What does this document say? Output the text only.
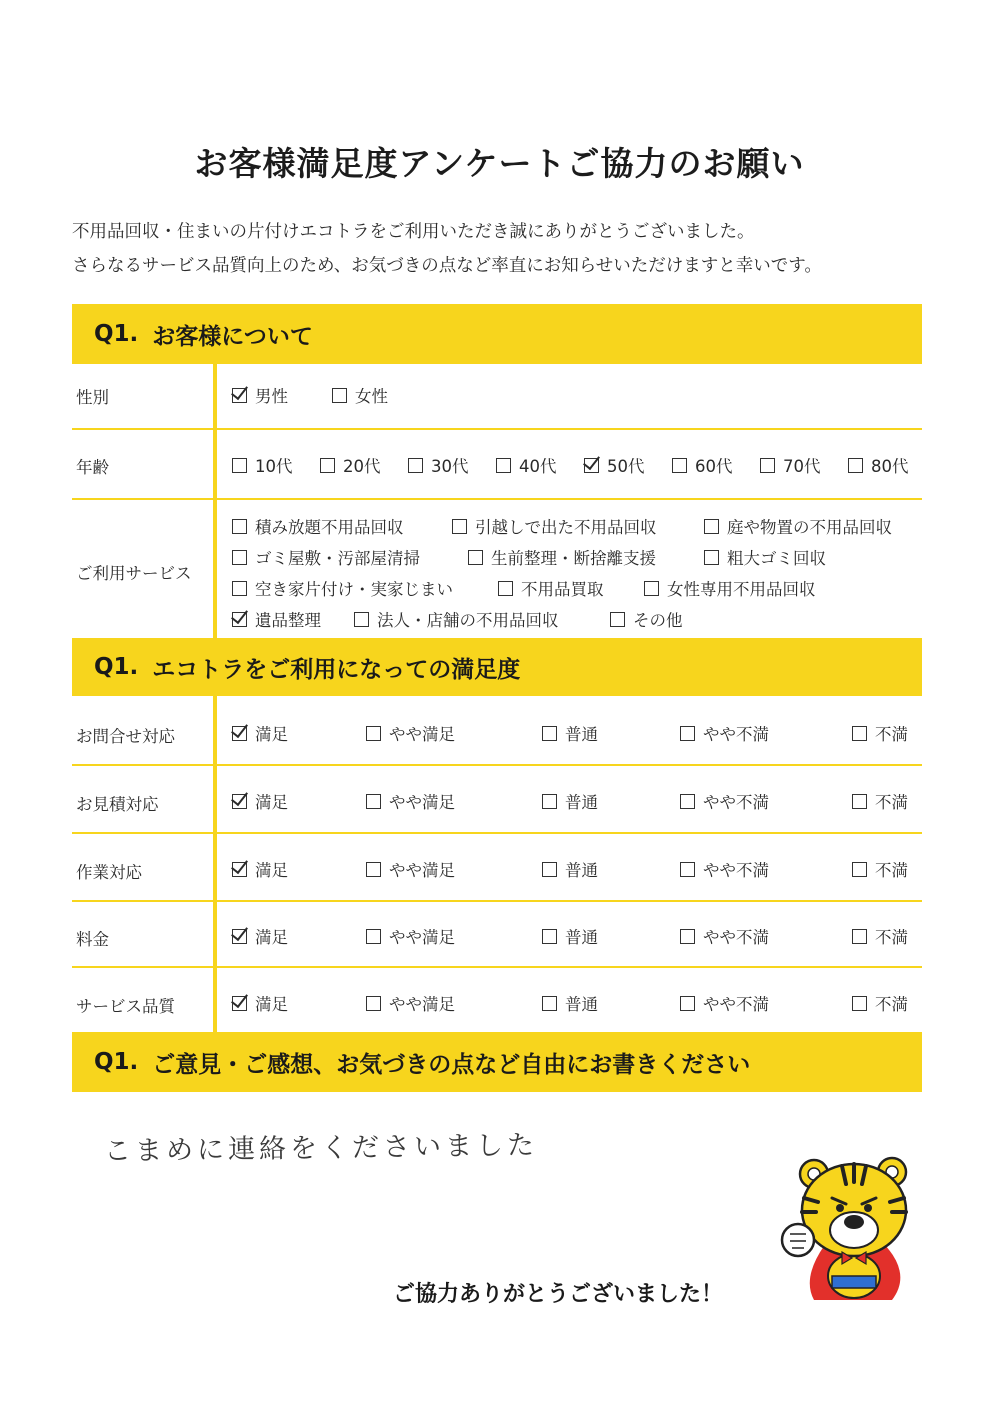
お客様満足度アンケートご協力のお願い
不用品回収・住まいの片付けエコトラをご利用いただき誠にありがとうございました。
さらなるサービス品質向上のため、お気づきの点など率直にお知らせいただけますと幸いです。
Q1. お客様について
性別	男性	女性
年齢	10代	20代	30代	40代	50代	60代	70代	80代
ご利用サービス
積み放題不用品回収	引越しで出た不用品回収	庭や物置の不用品回収
ゴミ屋敷・汚部屋清掃	生前整理・断捨離支援	粗大ゴミ回収
空き家片付け・実家じまい	不用品買取	女性専用不用品回収
遺品整理	法人・店舗の不用品回収	その他
Q1. エコトラをご利用になっての満足度
お問合せ対応	満足	やや満足	普通	やや不満	不満
お見積対応	満足	やや満足	普通	やや不満	不満
作業対応	満足	やや満足	普通	やや不満	不満
料金	満足	やや満足	普通	やや不満	不満
サービス品質	満足	やや満足	普通	やや不満	不満
Q1. ご意見・ご感想、お気づきの点など自由にお書きください
こまめに連絡をくださいました
ご協力ありがとうございました！
